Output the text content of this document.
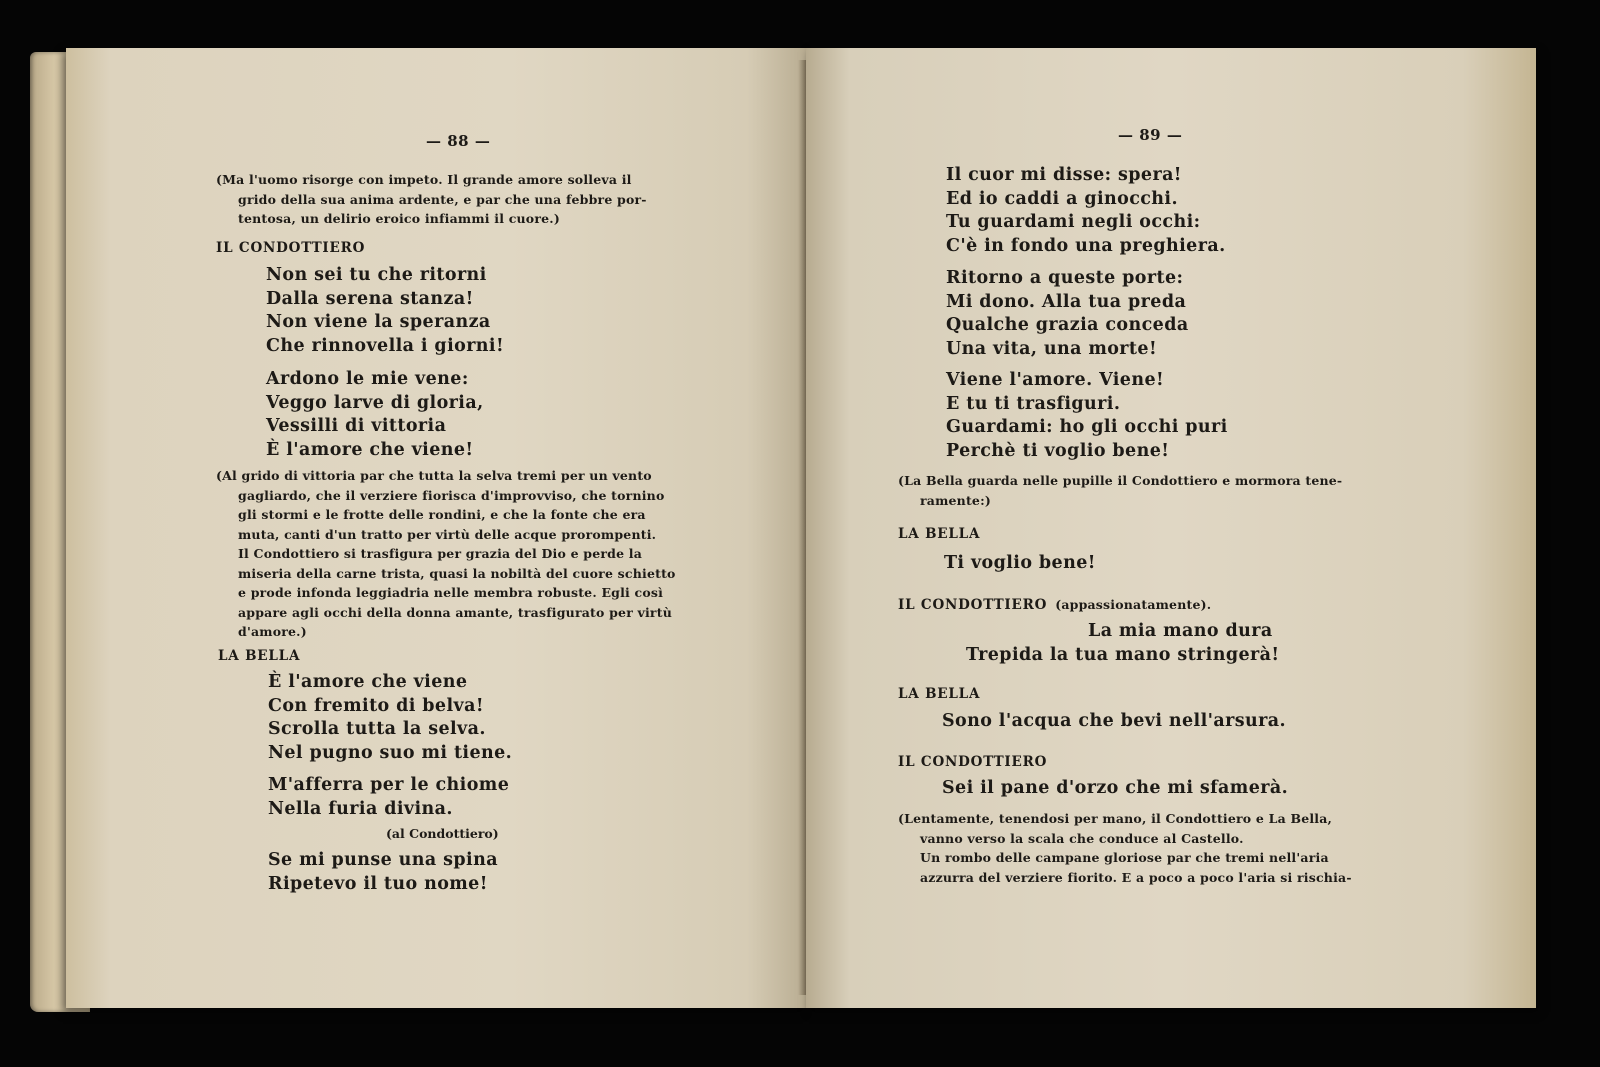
— 88 —
(Ma l'uomo risorge con impeto. Il grande amore solleva il
grido della sua anima ardente, e par che una febbre por-
tentosa, un delirio eroico infiammi il cuore.)
IL CONDOTTIERO
Non sei tu che ritorni
Dalla serena stanza!
Non viene la speranza
Che rinnovella i giorni!
Ardono le mie vene:
Veggo larve di gloria,
Vessilli di vittoria
È l'amore che viene!
(Al grido di vittoria par che tutta la selva tremi per un vento
gagliardo, che il verziere fiorisca d'improvviso, che tornino
gli stormi e le frotte delle rondini, e che la fonte che era
muta, canti d'un tratto per virtù delle acque prorompenti.
Il Condottiero si trasfigura per grazia del Dio e perde la
miseria della carne trista, quasi la nobiltà del cuore schietto
e prode infonda leggiadria nelle membra robuste. Egli così
appare agli occhi della donna amante, trasfigurato per virtù
d'amore.)
LA BELLA
È l'amore che viene
Con fremito di belva!
Scrolla tutta la selva.
Nel pugno suo mi tiene.
M'afferra per le chiome
Nella furia divina.
(al Condottiero)
Se mi punse una spina
Ripetevo il tuo nome!
— 89 —
Il cuor mi disse: spera!
Ed io caddi a ginocchi.
Tu guardami negli occhi:
C'è in fondo una preghiera.
Ritorno a queste porte:
Mi dono. Alla tua preda
Qualche grazia conceda
Una vita, una morte!
Viene l'amore. Viene!
E tu ti trasfiguri.
Guardami: ho gli occhi puri
Perchè ti voglio bene!
(La Bella guarda nelle pupille il Condottiero e mormora tene-
ramente:)
LA BELLA
Ti voglio bene!
IL CONDOTTIERO (appassionatamente).
La mia mano dura
Trepida la tua mano stringerà!
LA BELLA
Sono l'acqua che bevi nell'arsura.
IL CONDOTTIERO
Sei il pane d'orzo che mi sfamerà.
(Lentamente, tenendosi per mano, il Condottiero e La Bella,
vanno verso la scala che conduce al Castello.
Un rombo delle campane gloriose par che tremi nell'aria
azzurra del verziere fiorito. E a poco a poco l'aria si rischia-
